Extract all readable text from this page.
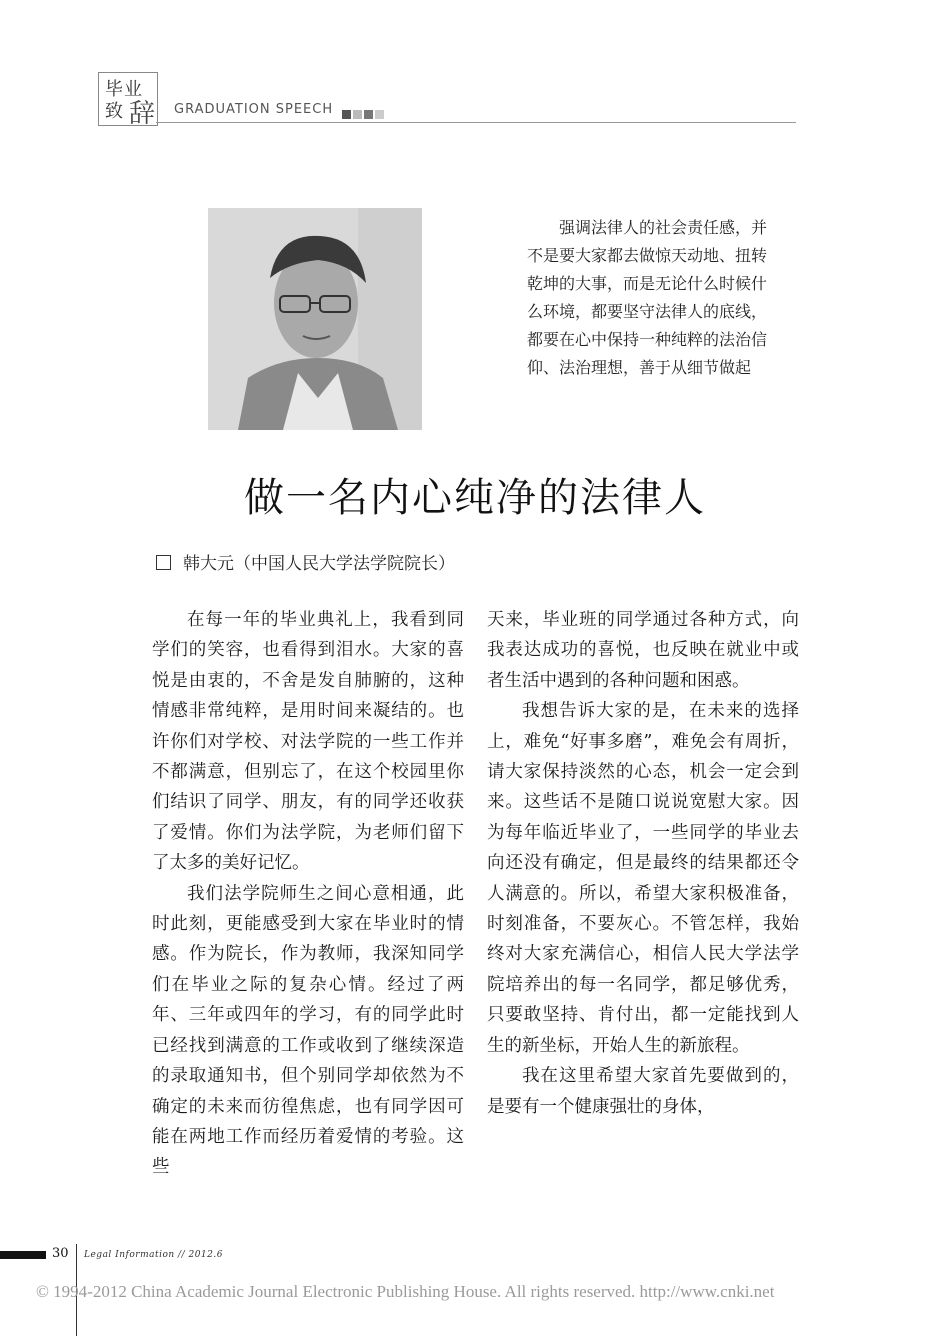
毕业
致 辞 GRADUATION SPEECH

强调法律人的社会责任感，并不是要大家都去做惊天动地、扭转乾坤的大事，而是无论什么时候什么环境，都要坚守法律人的底线，都要在心中保持一种纯粹的法治信仰、法治理想，善于从细节做起

做一名内心纯净的法律人
韩大元（中国人民大学法学院院长）

在每一年的毕业典礼上，我看到同学们的笑容，也看得到泪水。大家的喜悦是由衷的，不舍是发自肺腑的，这种情感非常纯粹，是用时间来凝结的。也许你们对学校、对法学院的一些工作并不都满意，但别忘了，在这个校园里你们结识了同学、朋友，有的同学还收获了爱情。你们为法学院，为老师们留下了太多的美好记忆。

我们法学院师生之间心意相通，此时此刻，更能感受到大家在毕业时的情感。作为院长，作为教师，我深知同学们在毕业之际的复杂心情。经过了两年、三年或四年的学习，有的同学此时已经找到满意的工作或收到了继续深造的录取通知书，但个别同学却依然为不确定的未来而彷徨焦虑，也有同学因可能在两地工作而经历着爱情的考验。这些

天来，毕业班的同学通过各种方式，向我表达成功的喜悦，也反映在就业中或者生活中遇到的各种问题和困惑。

我想告诉大家的是，在未来的选择上，难免“好事多磨”，难免会有周折，请大家保持淡然的心态，机会一定会到来。这些话不是随口说说宽慰大家。因为每年临近毕业了，一些同学的毕业去向还没有确定，但是最终的结果都还令人满意的。所以，希望大家积极准备，时刻准备，不要灰心。不管怎样，我始终对大家充满信心，相信人民大学法学院培养出的每一名同学，都足够优秀，只要敢坚持、肯付出，都一定能找到人生的新坐标，开始人生的新旅程。

我在这里希望大家首先要做到的，是要有一个健康强壮的身体，

30 Legal Information // 2012.6
© 1994-2012 China Academic Journal Electronic Publishing House. All rights reserved. http://www.cnki.net
